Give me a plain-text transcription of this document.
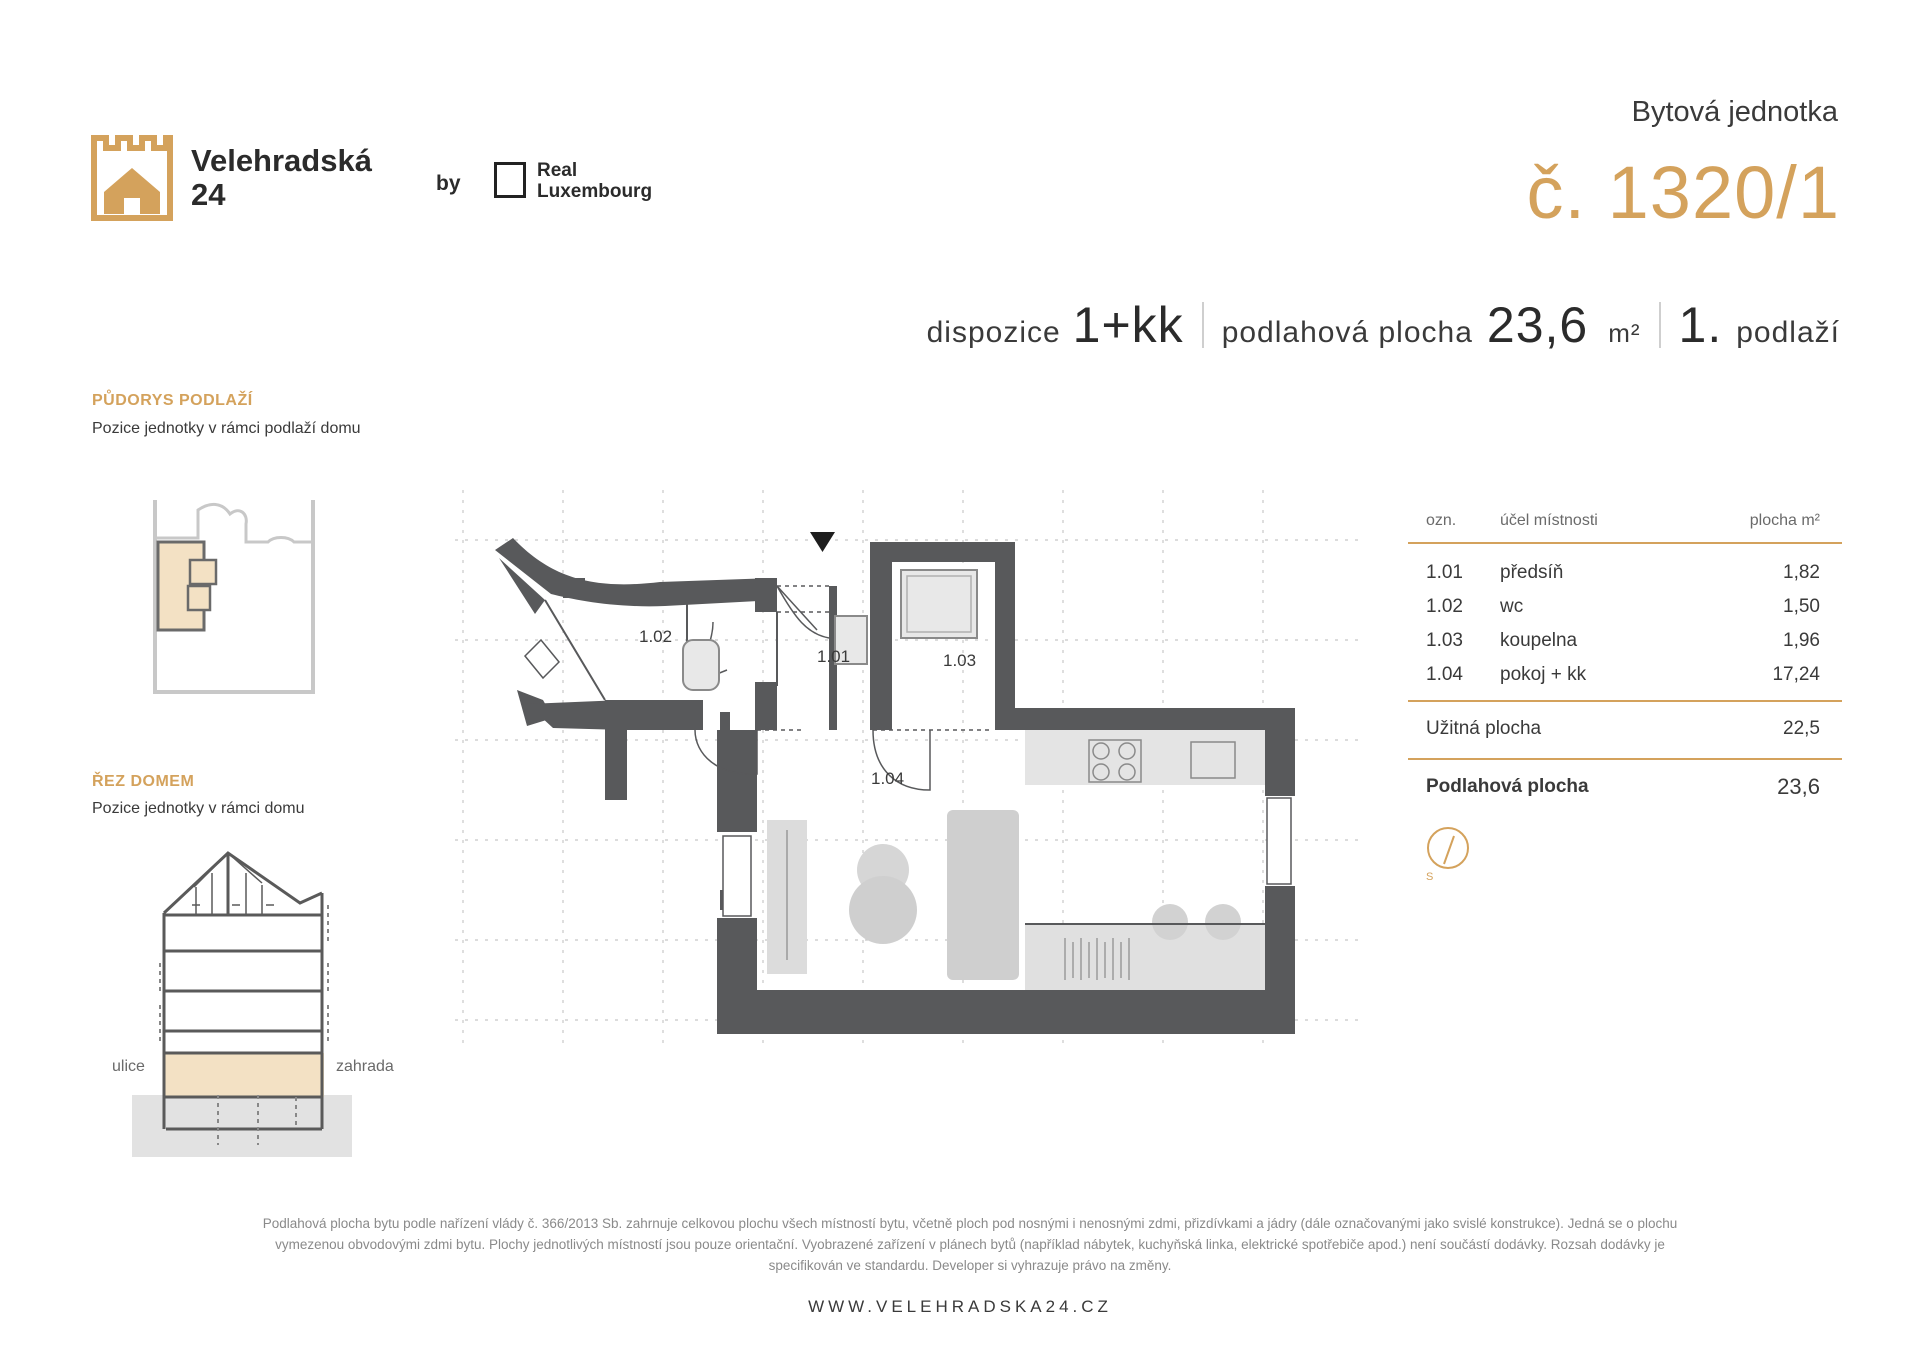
Velehradská
24	by
Real
Luxembourg
Bytová jednotka
č. 1320/1
dispozice 1+kk podlahová plocha 23,6 m² 1. podlaží
PŮDORYS PODLAŽÍ
Pozice jednotky v rámci podlaží domu
ŘEZ DOMEM
Pozice jednotky v rámci domu
ulice	zahrada
1.01
1.02
1.03
1.04
ozn.	účel místnosti	plocha m²
1.01 předsíň	1,82
1.02 wc	1,50
1.03 koupelna	1,96
1.04 pokoj + kk	17,24
Užitná plocha	22,5
Podlahová plocha	23,6
S
Podlahová plocha bytu podle nařízení vlády č. 366/2013 Sb. zahrnuje celkovou plochu všech místností bytu, včetně ploch pod nosnými i nenosnými zdmi, přizdívkami a jádry (dále označovanými jako svislé konstrukce). Jedná se o plochu
vymezenou obvodovými zdmi bytu. Plochy jednotlivých místností jsou pouze orientační. Vyobrazené zařízení v plánech bytů (například nábytek, kuchyňská linka, elektrické spotřebiče apod.) není součástí dodávky. Rozsah dodávky je
specifikován ve standardu. Developer si vyhrazuje právo na změny.
WWW.VELEHRADSKA24.CZ
